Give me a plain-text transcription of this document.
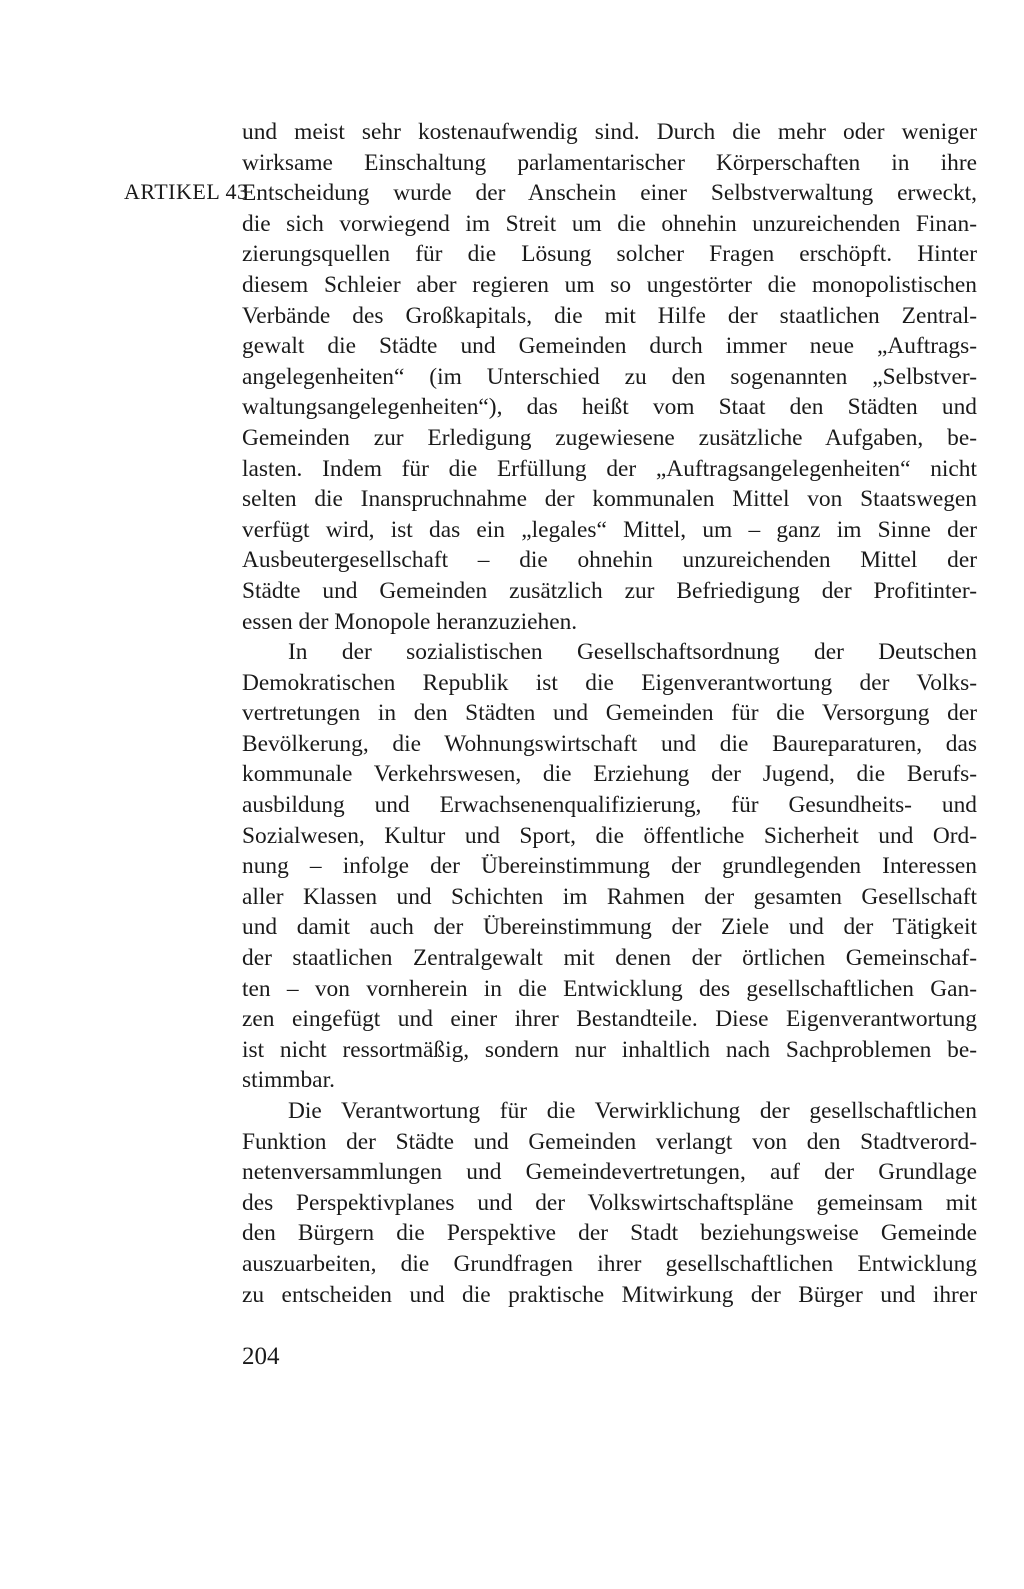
ARTIKEL 43
und meist sehr kostenaufwendig sind. Durch die mehr oder weniger
wirksame Einschaltung parlamentarischer Körperschaften in ihre
Entscheidung wurde der Anschein einer Selbstverwaltung erweckt,
die sich vorwiegend im Streit um die ohnehin unzureichenden Finan-
zierungsquellen für die Lösung solcher Fragen erschöpft. Hinter
diesem Schleier aber regieren um so ungestörter die monopolistischen
Verbände des Großkapitals, die mit Hilfe der staatlichen Zentral-
gewalt die Städte und Gemeinden durch immer neue „Auftrags-
angelegenheiten“ (im Unterschied zu den sogenannten „Selbstver-
waltungsangelegenheiten“), das heißt vom Staat den Städten und
Gemeinden zur Erledigung zugewiesene zusätzliche Aufgaben, be-
lasten. Indem für die Erfüllung der „Auftragsangelegenheiten“ nicht
selten die Inanspruchnahme der kommunalen Mittel von Staatswegen
verfügt wird, ist das ein „legales“ Mittel, um – ganz im Sinne der
Ausbeutergesellschaft – die ohnehin unzureichenden Mittel der
Städte und Gemeinden zusätzlich zur Befriedigung der Profitinter-
essen der Monopole heranzuziehen.
In der sozialistischen Gesellschaftsordnung der Deutschen
Demokratischen Republik ist die Eigenverantwortung der Volks-
vertretungen in den Städten und Gemeinden für die Versorgung der
Bevölkerung, die Wohnungswirtschaft und die Baureparaturen, das
kommunale Verkehrswesen, die Erziehung der Jugend, die Berufs-
ausbildung und Erwachsenenqualifizierung, für Gesundheits- und
Sozialwesen, Kultur und Sport, die öffentliche Sicherheit und Ord-
nung – infolge der Übereinstimmung der grundlegenden Interessen
aller Klassen und Schichten im Rahmen der gesamten Gesellschaft
und damit auch der Übereinstimmung der Ziele und der Tätigkeit
der staatlichen Zentralgewalt mit denen der örtlichen Gemeinschaf-
ten – von vornherein in die Entwicklung des gesellschaftlichen Gan-
zen eingefügt und einer ihrer Bestandteile. Diese Eigenverantwortung
ist nicht ressortmäßig, sondern nur inhaltlich nach Sachproblemen be-
stimmbar.
Die Verantwortung für die Verwirklichung der gesellschaftlichen
Funktion der Städte und Gemeinden verlangt von den Stadtverord-
netenversammlungen und Gemeindevertretungen, auf der Grundlage
des Perspektivplanes und der Volkswirtschaftspläne gemeinsam mit
den Bürgern die Perspektive der Stadt beziehungsweise Gemeinde
auszuarbeiten, die Grundfragen ihrer gesellschaftlichen Entwicklung
zu entscheiden und die praktische Mitwirkung der Bürger und ihrer
204
